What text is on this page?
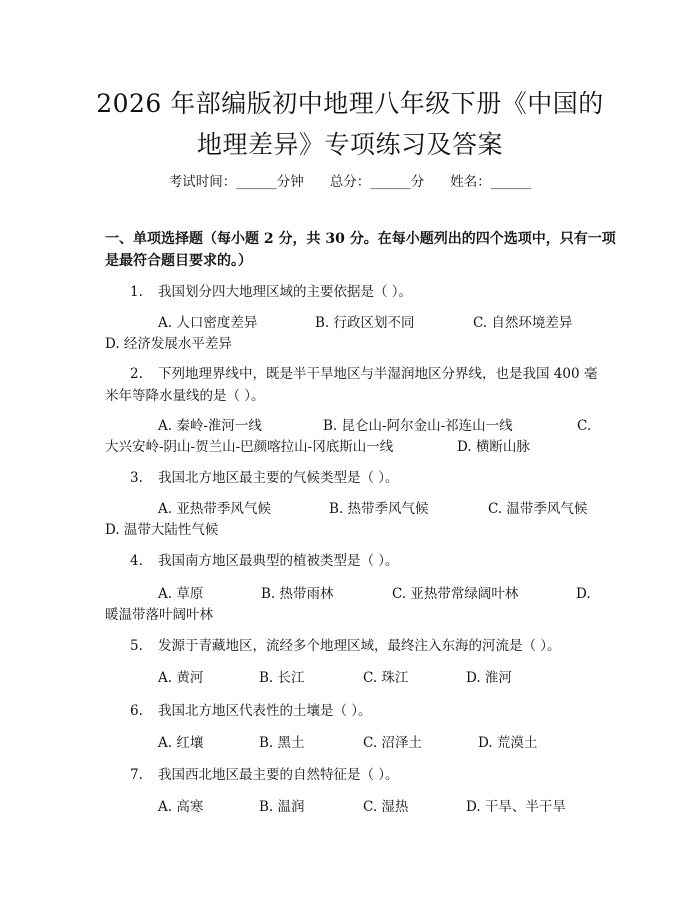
2026 年部编版初中地理八年级下册《中国的
地理差异》专项练习及答案
考试时间：______分钟 总分：______分 姓名：______
一、单项选择题（每小题 2 分，共 30 分。在每小题列出的四个选项中，只有一项
是最符合题目要求的。）
1. 我国划分四大地理区域的主要依据是（ ）。
A. 人口密度差异	B. 行政区划不同	C. 自然环境差异
D. 经济发展水平差异
2. 下列地理界线中，既是半干旱地区与半湿润地区分界线，也是我国 400 毫
米年等降水量线的是（ ）。
A. 秦岭-淮河一线	B. 昆仑山-阿尔金山-祁连山一线	C.
大兴安岭-阴山-贺兰山-巴颜喀拉山-冈底斯山一线	D. 横断山脉
3. 我国北方地区最主要的气候类型是（ ）。
A. 亚热带季风气候	B. 热带季风气候	C. 温带季风气候
D. 温带大陆性气候
4. 我国南方地区最典型的植被类型是（ ）。
A. 草原	B. 热带雨林	C. 亚热带常绿阔叶林	D.
暖温带落叶阔叶林
5. 发源于青藏地区，流经多个地理区域，最终注入东海的河流是（ ）。
A. 黄河	B. 长江	C. 珠江	D. 淮河
6. 我国北方地区代表性的土壤是（ ）。
A. 红壤	B. 黑土	C. 沼泽土	D. 荒漠土
7. 我国西北地区最主要的自然特征是（ ）。
A. 高寒	B. 温润	C. 湿热	D. 干旱、半干旱
